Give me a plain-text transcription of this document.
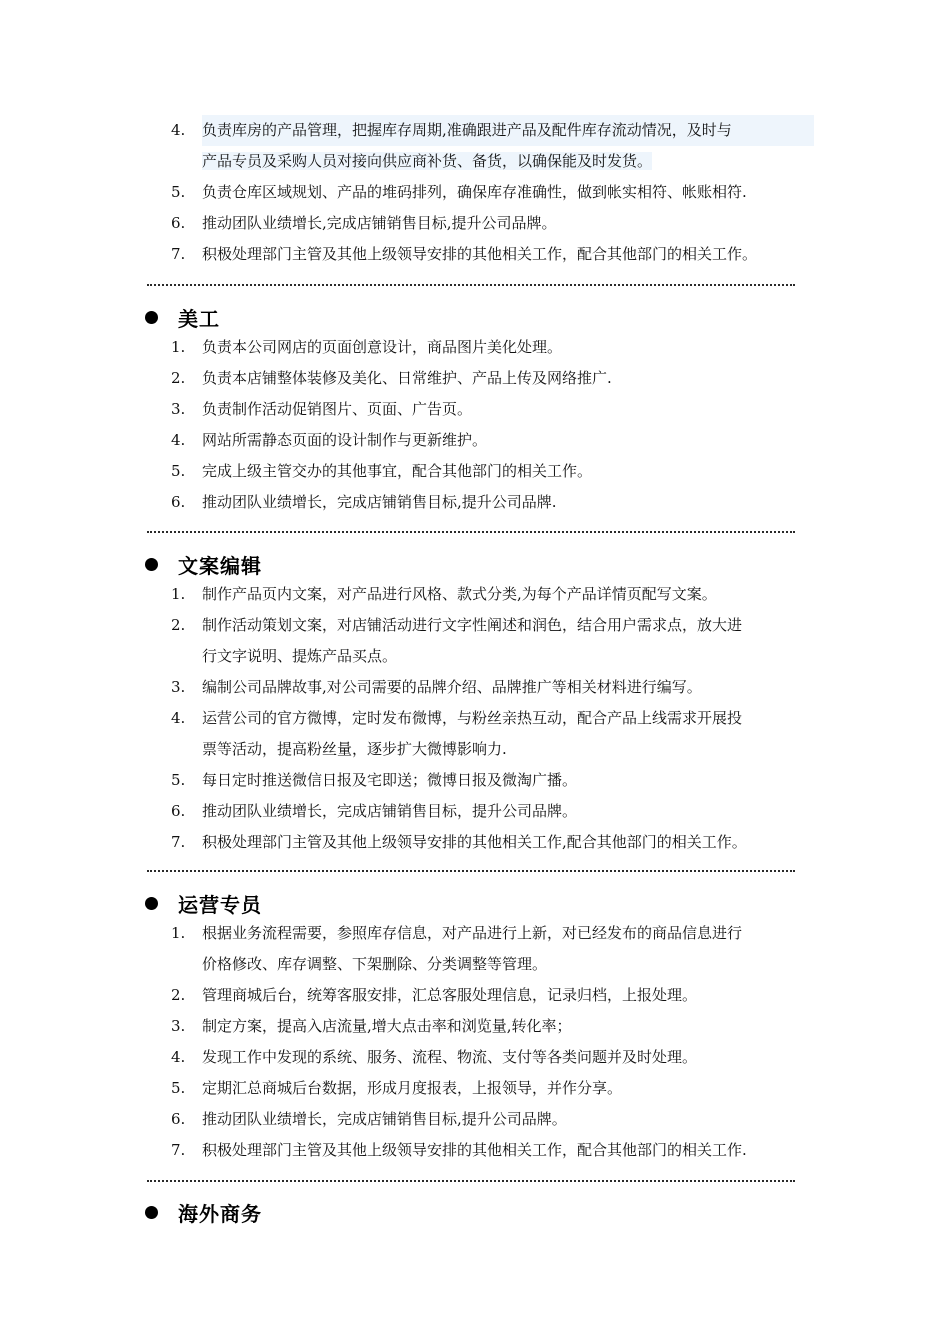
4.	负责库房的产品管理，把握库存周期,准确跟进产品及配件库存流动情况，及时与
产品专员及采购人员对接向供应商补货、备货，以确保能及时发货。
5.	负责仓库区域规划、产品的堆码排列，确保库存准确性，做到帐实相符、帐账相符.
6.	推动团队业绩增长,完成店铺销售目标,提升公司品牌。
7.	积极处理部门主管及其他上级领导安排的其他相关工作，配合其他部门的相关工作。
美工
1.	负责本公司网店的页面创意设计，商品图片美化处理。
2.	负责本店铺整体装修及美化、日常维护、产品上传及网络推广.
3.	负责制作活动促销图片、页面、广告页。
4.	网站所需静态页面的设计制作与更新维护。
5.	完成上级主管交办的其他事宜，配合其他部门的相关工作。
6.	推动团队业绩增长，完成店铺销售目标,提升公司品牌.
文案编辑
1.	制作产品页内文案，对产品进行风格、款式分类,为每个产品详情页配写文案。
2.	制作活动策划文案，对店铺活动进行文字性阐述和润色，结合用户需求点，放大进
行文字说明、提炼产品买点。
3.	编制公司品牌故事,对公司需要的品牌介绍、品牌推广等相关材料进行编写。
4.	运营公司的官方微博，定时发布微博，与粉丝亲热互动，配合产品上线需求开展投
票等活动，提高粉丝量，逐步扩大微博影响力.
5.	每日定时推送微信日报及宅即送；微博日报及微淘广播。
6.	推动团队业绩增长，完成店铺销售目标，提升公司品牌。
7.	积极处理部门主管及其他上级领导安排的其他相关工作,配合其他部门的相关工作。
运营专员
1.	根据业务流程需要，参照库存信息，对产品进行上新，对已经发布的商品信息进行
价格修改、库存调整、下架删除、分类调整等管理。
2.	管理商城后台，统筹客服安排，汇总客服处理信息，记录归档，上报处理。
3.	制定方案，提高入店流量,增大点击率和浏览量,转化率；
4.	发现工作中发现的系统、服务、流程、物流、支付等各类问题并及时处理。
5.	定期汇总商城后台数据，形成月度报表，上报领导，并作分享。
6.	推动团队业绩增长，完成店铺销售目标,提升公司品牌。
7.	积极处理部门主管及其他上级领导安排的其他相关工作，配合其他部门的相关工作.
海外商务
